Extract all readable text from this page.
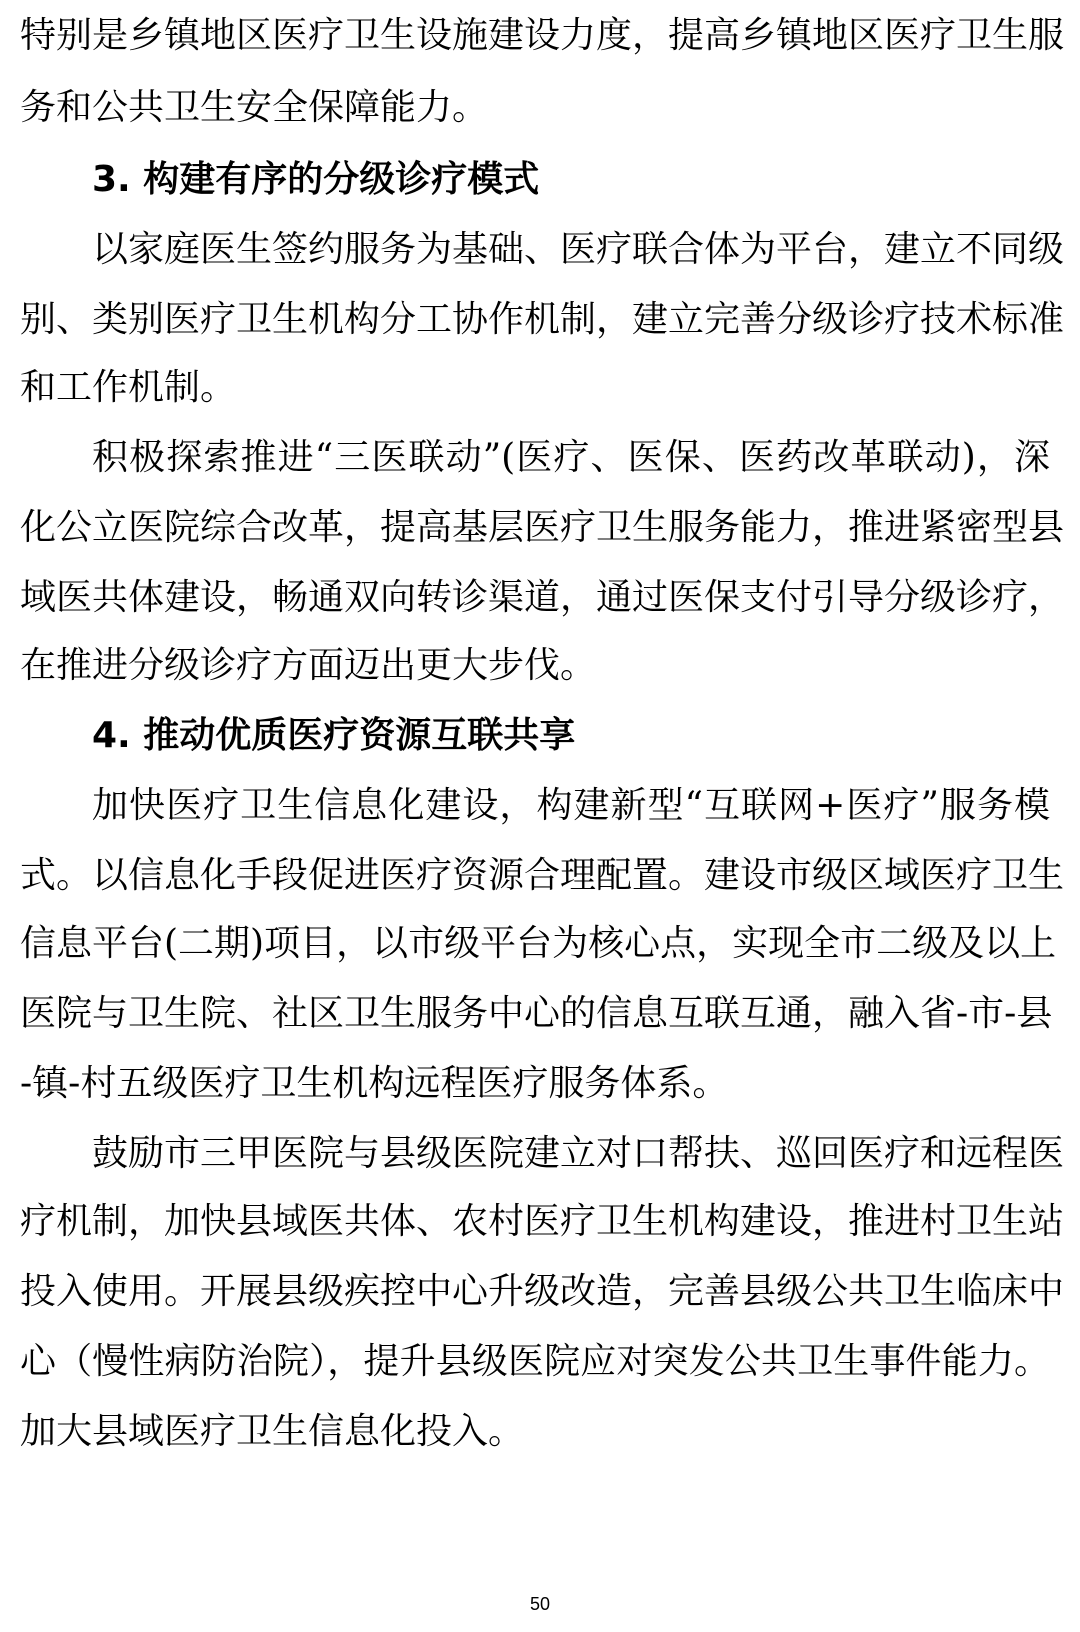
特别是乡镇地区医疗卫生设施建设力度，提高乡镇地区医疗卫生服
务和公共卫生安全保障能力。
3. 构建有序的分级诊疗模式
以家庭医生签约服务为基础、医疗联合体为平台，建立不同级
别、类别医疗卫生机构分工协作机制，建立完善分级诊疗技术标准
和工作机制。
积极探索推进“三医联动”(医疗、医保、医药改革联动)，深
化公立医院综合改革，提高基层医疗卫生服务能力，推进紧密型县
域医共体建设，畅通双向转诊渠道，通过医保支付引导分级诊疗，
在推进分级诊疗方面迈出更大步伐。
4. 推动优质医疗资源互联共享
加快医疗卫生信息化建设，构建新型“互联网+医疗”服务模
式。以信息化手段促进医疗资源合理配置。建设市级区域医疗卫生
信息平台(二期)项目，以市级平台为核心点，实现全市二级及以上
医院与卫生院、社区卫生服务中心的信息互联互通，融入省-市-县
-镇-村五级医疗卫生机构远程医疗服务体系。
鼓励市三甲医院与县级医院建立对口帮扶、巡回医疗和远程医
疗机制，加快县域医共体、农村医疗卫生机构建设，推进村卫生站
投入使用。开展县级疾控中心升级改造，完善县级公共卫生临床中
心（慢性病防治院），提升县级医院应对突发公共卫生事件能力。
加大县域医疗卫生信息化投入。
50
